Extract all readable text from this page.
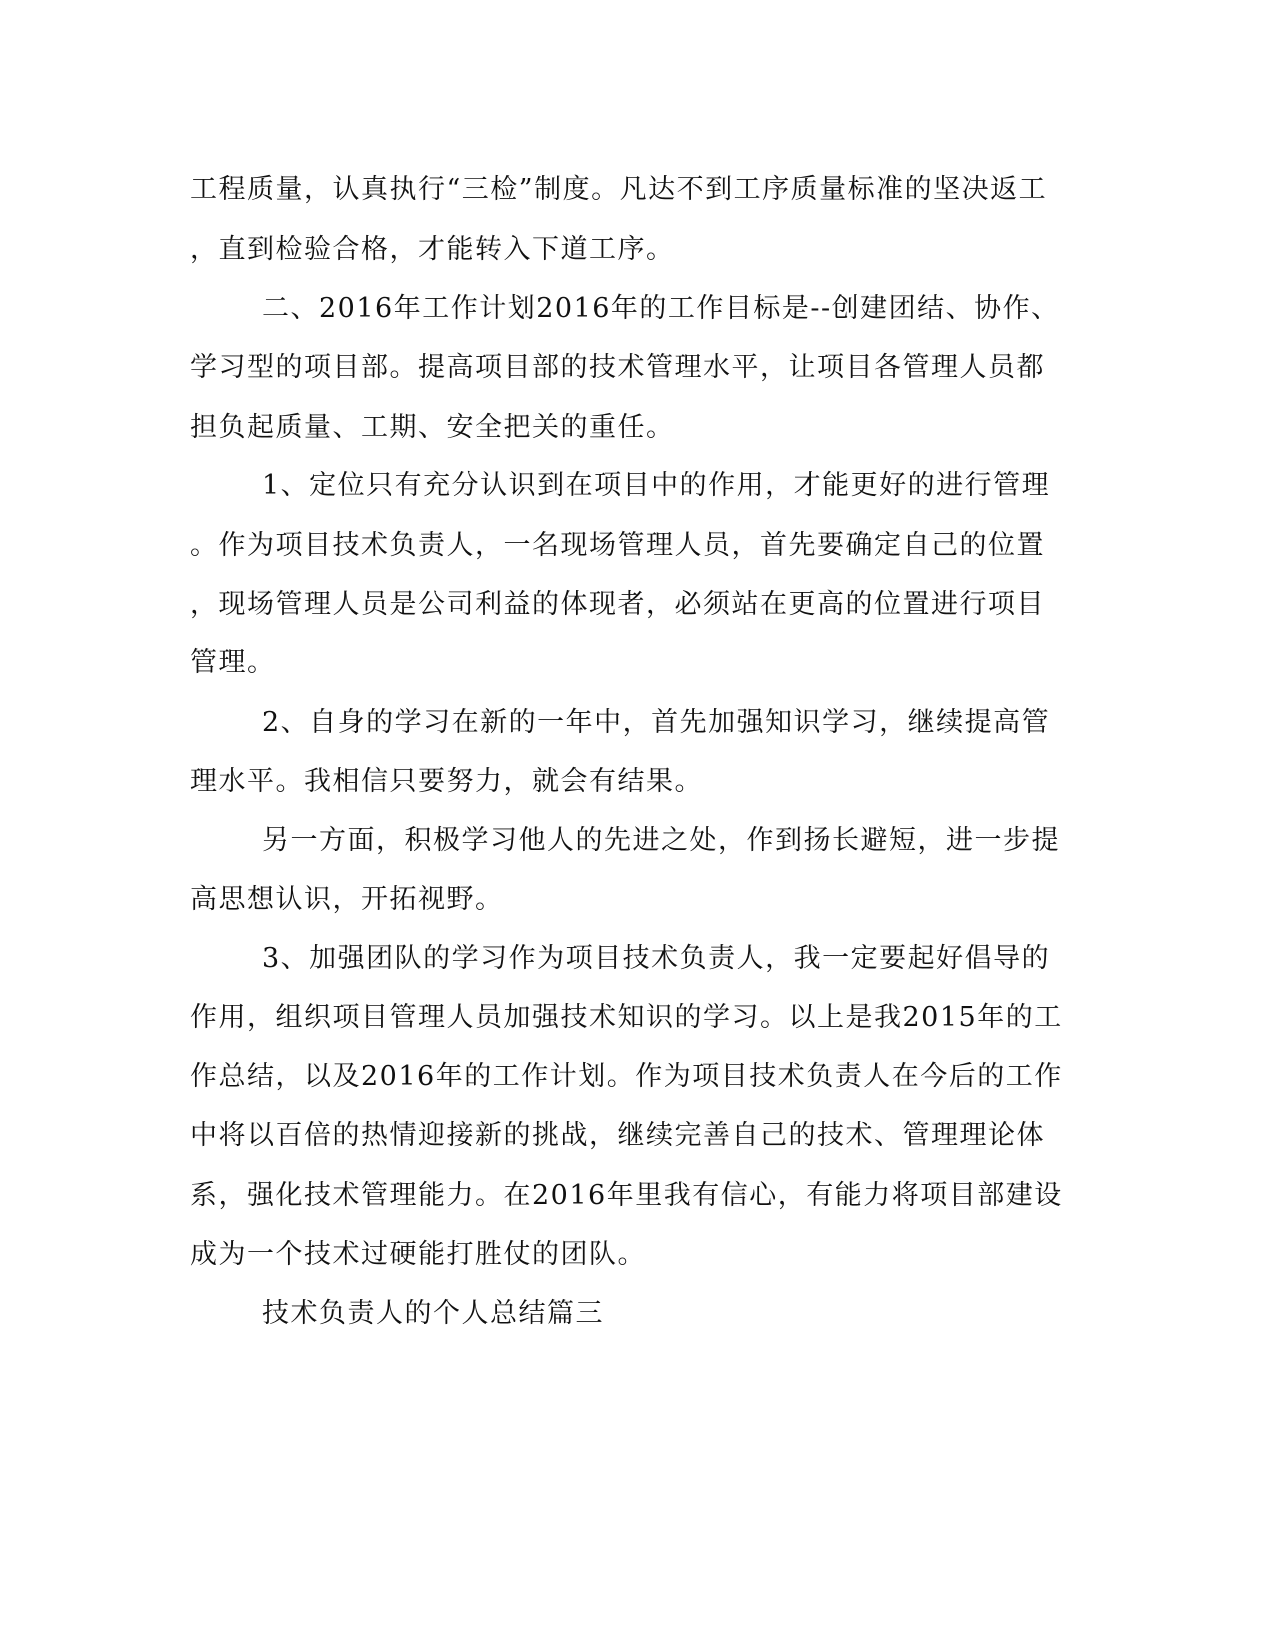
工程质量，认真执行“三检”制度。凡达不到工序质量标准的坚决返工
，直到检验合格，才能转入下道工序。
二、2016年工作计划2016年的工作目标是--创建团结、协作、
学习型的项目部。提高项目部的技术管理水平，让项目各管理人员都
担负起质量、工期、安全把关的重任。
1、定位只有充分认识到在项目中的作用，才能更好的进行管理
。作为项目技术负责人，一名现场管理人员，首先要确定自己的位置
，现场管理人员是公司利益的体现者，必须站在更高的位置进行项目
管理。
2、自身的学习在新的一年中，首先加强知识学习，继续提高管
理水平。我相信只要努力，就会有结果。
另一方面，积极学习他人的先进之处，作到扬长避短，进一步提
高思想认识，开拓视野。
3、加强团队的学习作为项目技术负责人，我一定要起好倡导的
作用，组织项目管理人员加强技术知识的学习。以上是我2015年的工
作总结，以及2016年的工作计划。作为项目技术负责人在今后的工作
中将以百倍的热情迎接新的挑战，继续完善自己的技术、管理理论体
系，强化技术管理能力。在2016年里我有信心，有能力将项目部建设
成为一个技术过硬能打胜仗的团队。
技术负责人的个人总结篇三
